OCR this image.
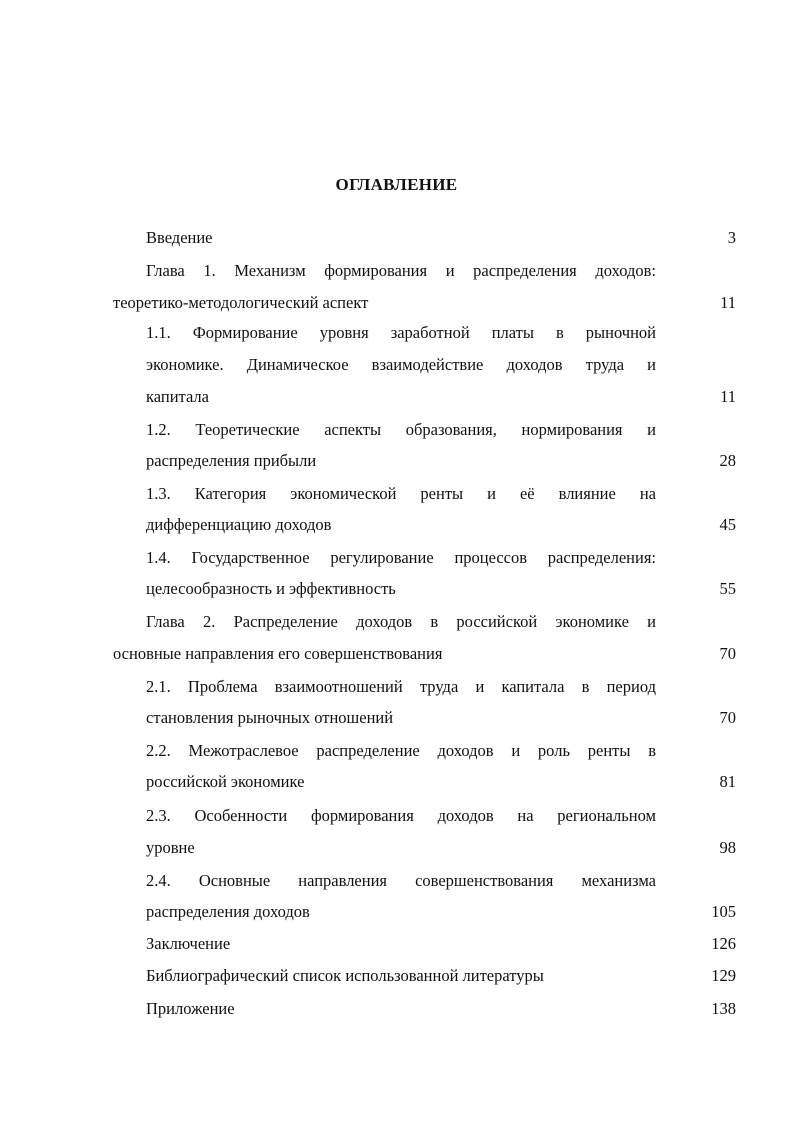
ОГЛАВЛЕНИЕ
Введение	3
Глава 1. Механизм формирования и распределения доходов:
теоретико-методологический аспект	11
1.1. Формирование уровня заработной платы в рыночной
экономике. Динамическое взаимодействие доходов труда и
капитала	11
1.2. Теоретические аспекты образования, нормирования и
распределения прибыли	28
1.3. Категория экономической ренты и её влияние на
дифференциацию доходов	45
1.4. Государственное регулирование процессов распределения:
целесообразность и эффективность	55
Глава 2. Распределение доходов в российской экономике и
основные направления его совершенствования	70
2.1. Проблема взаимоотношений труда и капитала в период
становления рыночных отношений	70
2.2. Межотраслевое распределение доходов и роль ренты в
российской экономике	81
2.3. Особенности формирования доходов на региональном
уровне	98
2.4. Основные направления совершенствования механизма
распределения доходов	105
Заключение	126
Библиографический список использованной литературы	129
Приложение	138
